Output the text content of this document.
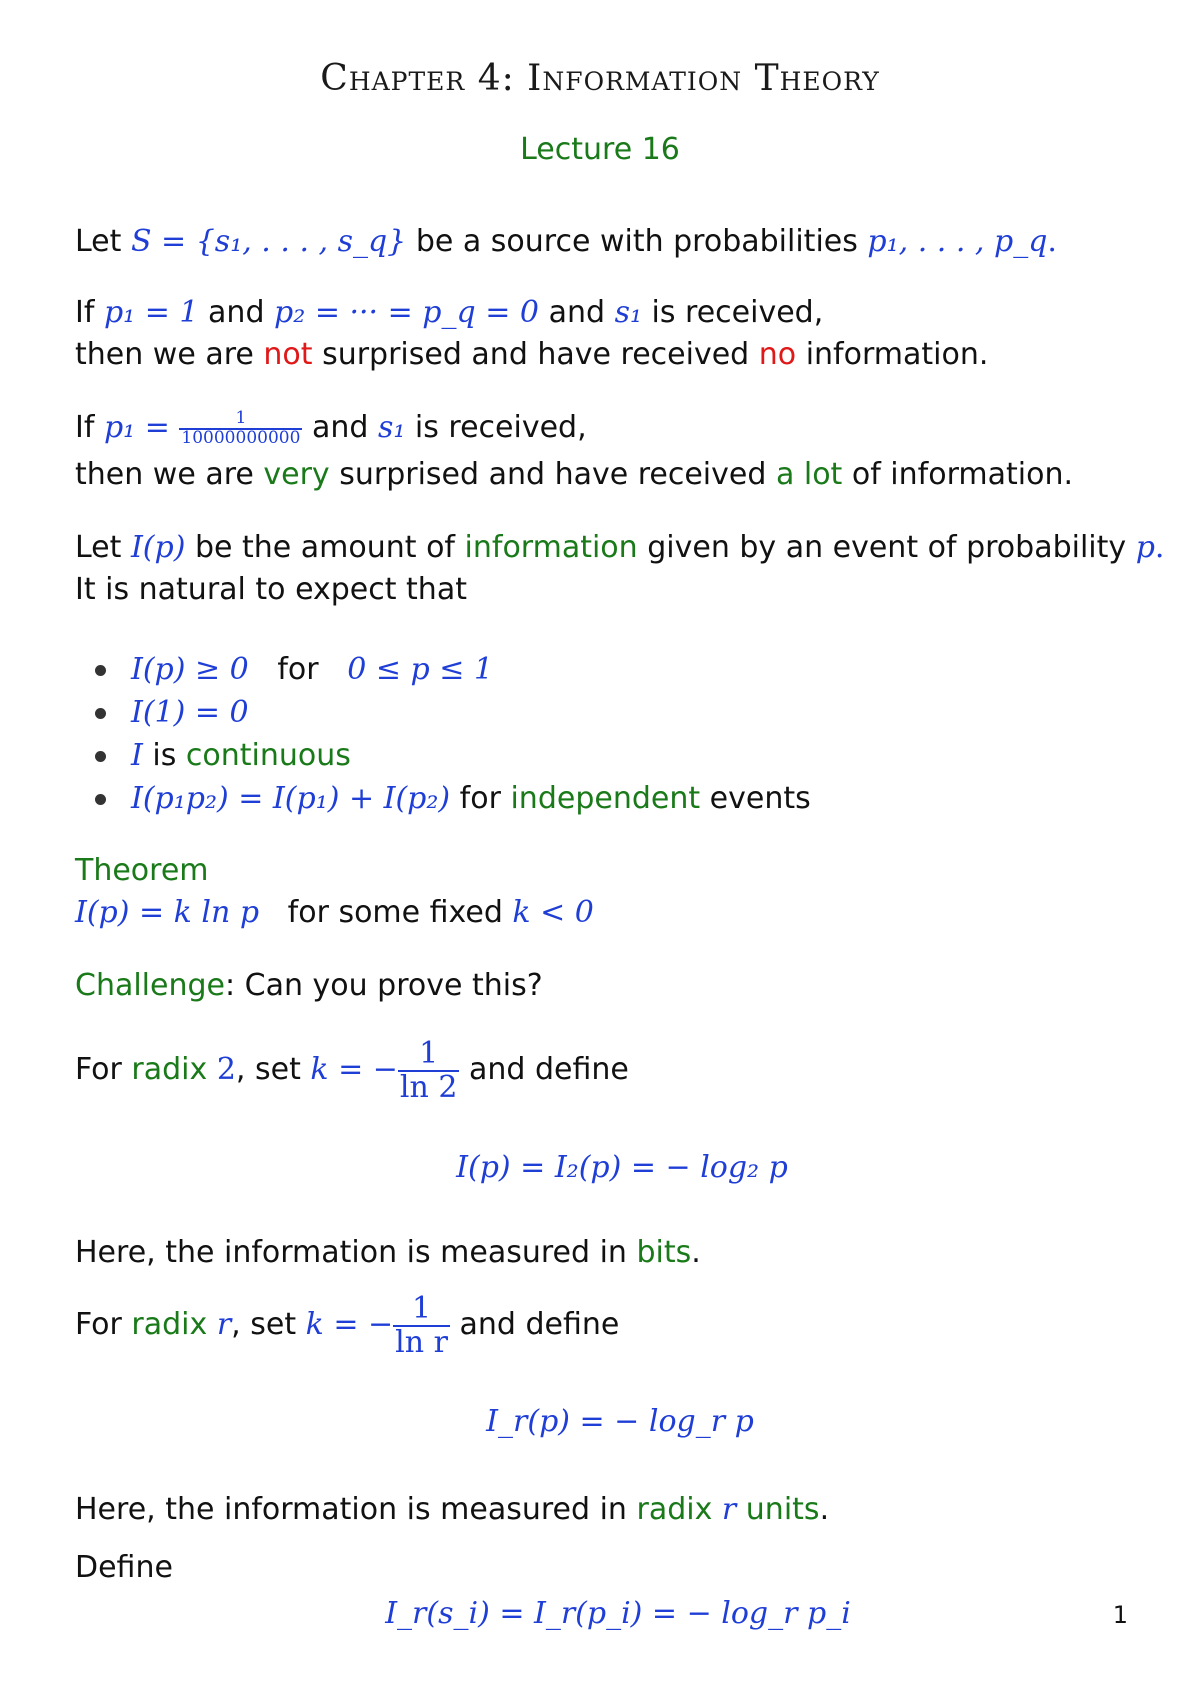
Chapter 4: Information Theory
Lecture 16
Let S = {s₁, . . . , s_q} be a source with probabilities p₁, . . . , p_q.
If p₁ = 1 and p₂ = ··· = p_q = 0 and s₁ is received,
then we are not surprised and have received no information.
If $p_1 = \frac{1}{10000000000}$ and s₁ is received,
then we are very surprised and have received a lot of information.
Let I(p) be the amount of information given by an event of probability p.
It is natural to expect that
I(p) ≥ 0 for 0 ≤ p ≤ 1
I(1) = 0
I is continuous
I(p₁p₂) = I(p₁) + I(p₂) for independent events
Theorem
I(p) = k ln p for some fixed k < 0
Challenge: Can you prove this?
For radix 2, set k = − $\frac{1}{\ln 2}$ and define
I(p) = I₂(p) = − log₂ p
Here, the information is measured in bits.
For radix r, set k = − $\frac{1}{\text{ln r}}$ and define
I_r(p) = − log_r p
Here, the information is measured in radix r units.
Define
I_r(s_i) = I_r(p_i) = − log_r p_i	1
